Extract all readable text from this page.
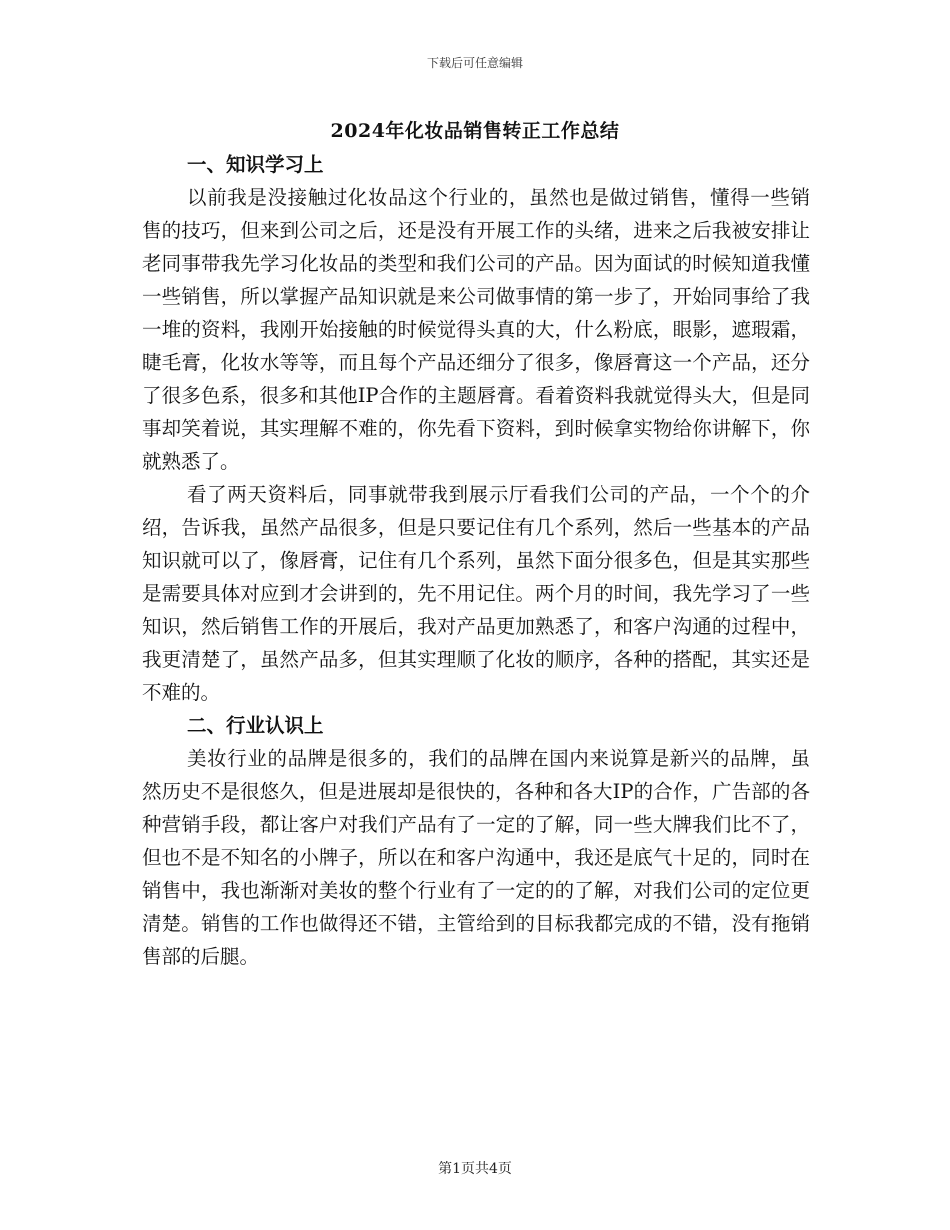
下载后可任意编辑
2024年化妆品销售转正工作总结

一、知识学习上

以前我是没接触过化妆品这个行业的，虽然也是做过销售，懂得一些销售的技巧，但来到公司之后，还是没有开展工作的头绪，进来之后我被安排让老同事带我先学习化妆品的类型和我们公司的产品。因为面试的时候知道我懂一些销售，所以掌握产品知识就是来公司做事情的第一步了，开始同事给了我一堆的资料，我刚开始接触的时候觉得头真的大，什么粉底，眼影，遮瑕霜，睫毛膏，化妆水等等，而且每个产品还细分了很多，像唇膏这一个产品，还分了很多色系，很多和其他IP合作的主题唇膏。看着资料我就觉得头大，但是同事却笑着说，其实理解不难的，你先看下资料，到时候拿实物给你讲解下，你就熟悉了。

看了两天资料后，同事就带我到展示厅看我们公司的产品，一个个的介绍，告诉我，虽然产品很多，但是只要记住有几个系列，然后一些基本的产品知识就可以了，像唇膏，记住有几个系列，虽然下面分很多色，但是其实那些是需要具体对应到才会讲到的，先不用记住。两个月的时间，我先学习了一些知识，然后销售工作的开展后，我对产品更加熟悉了，和客户沟通的过程中，我更清楚了，虽然产品多，但其实理顺了化妆的顺序，各种的搭配，其实还是不难的。

二、行业认识上

美妆行业的品牌是很多的，我们的品牌在国内来说算是新兴的品牌，虽然历史不是很悠久，但是进展却是很快的，各种和各大IP的合作，广告部的各种营销手段，都让客户对我们产品有了一定的了解，同一些大牌我们比不了，但也不是不知名的小牌子，所以在和客户沟通中，我还是底气十足的，同时在销售中，我也渐渐对美妆的整个行业有了一定的的了解，对我们公司的定位更清楚。销售的工作也做得还不错，主管给到的目标我都完成的不错，没有拖销售部的后腿。

第1页共4页
